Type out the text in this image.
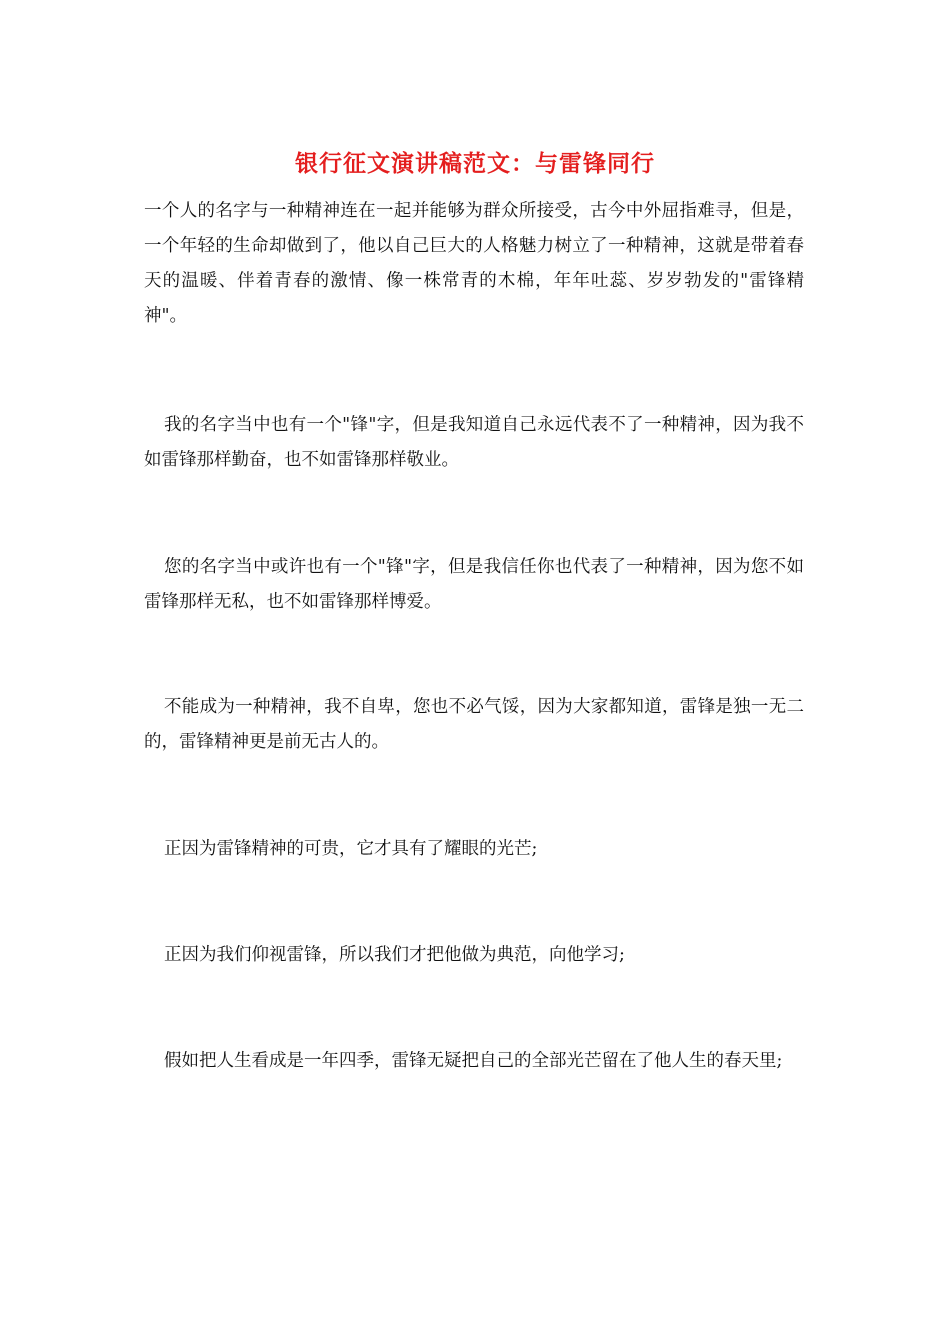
银行征文演讲稿范文：与雷锋同行

一个人的名字与一种精神连在一起并能够为群众所接受，古今中外屈指难寻，但是，一个年轻的生命却做到了，他以自己巨大的人格魅力树立了一种精神，这就是带着春天的温暖、伴着青春的激情、像一株常青的木棉，年年吐蕊、岁岁勃发的"雷锋精神"。

我的名字当中也有一个"锋"字，但是我知道自己永远代表不了一种精神，因为我不如雷锋那样勤奋，也不如雷锋那样敬业。

您的名字当中或许也有一个"锋"字，但是我信任你也代表了一种精神，因为您不如雷锋那样无私，也不如雷锋那样博爱。

不能成为一种精神，我不自卑，您也不必气馁，因为大家都知道，雷锋是独一无二的，雷锋精神更是前无古人的。

正因为雷锋精神的可贵，它才具有了耀眼的光芒;

正因为我们仰视雷锋，所以我们才把他做为典范，向他学习;

假如把人生看成是一年四季，雷锋无疑把自己的全部光芒留在了他人生的春天里;
